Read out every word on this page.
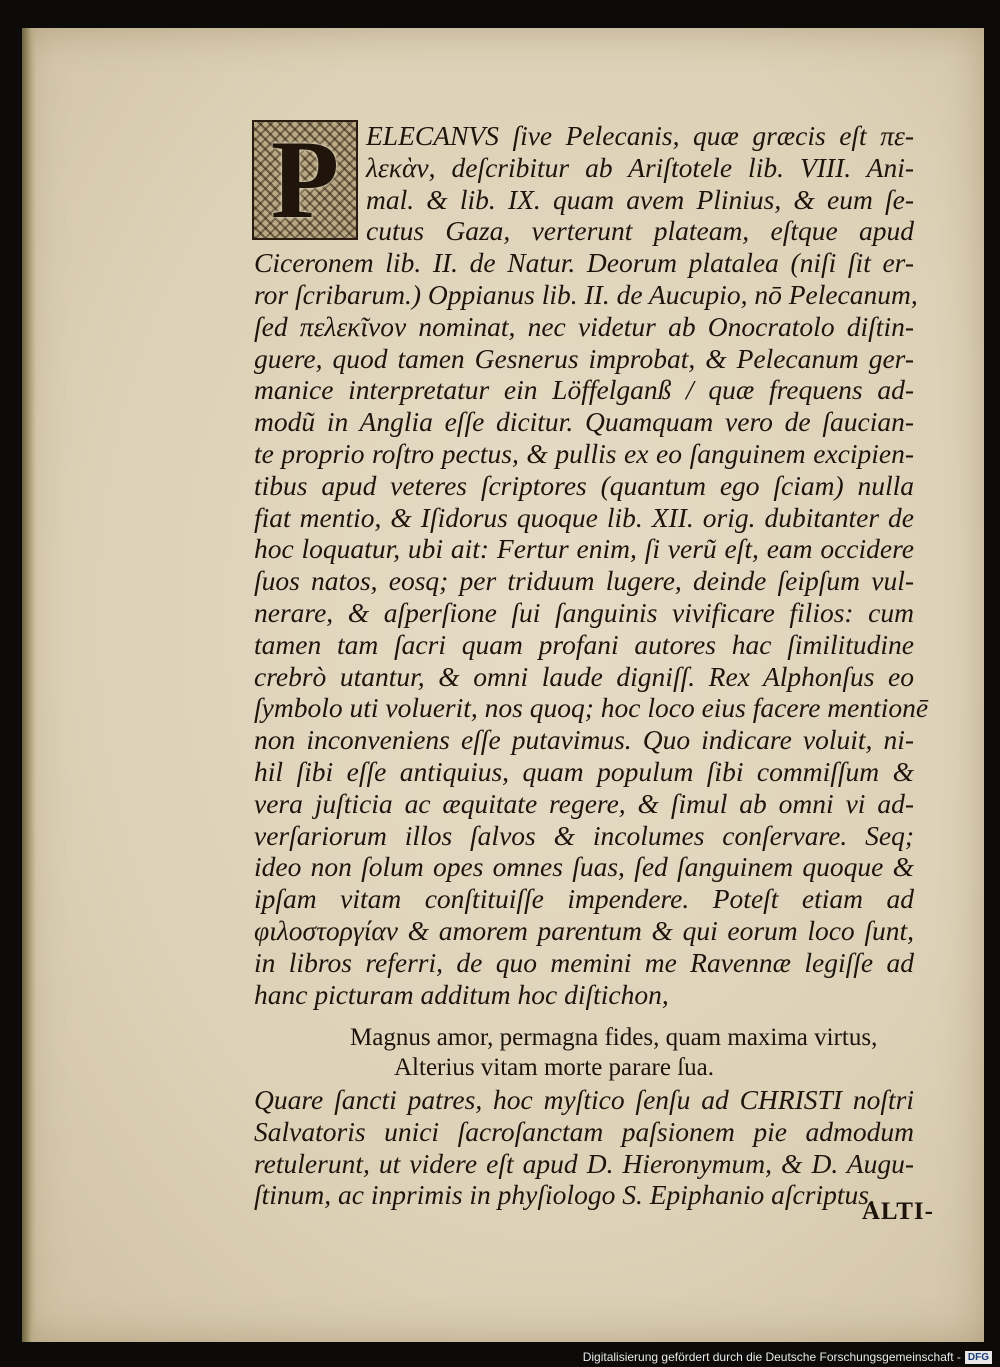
P ELECANVS ſive Pelecanis, quæ græcis eſt πε-
λεκὰν, deſcribitur ab Ariſtotele lib. VIII. Ani-
mal. & lib. IX. quam avem Plinius, & eum ſe-
cutus Gaza, verterunt plateam, eſtque apud
Ciceronem lib. II. de Natur. Deorum platalea (niſi ſit er-
ror ſcribarum.) Oppianus lib. II. de Aucupio, nō Pelecanum,
ſed πελεκῖνον nominat, nec videtur ab Onocratolo diſtin-
guere, quod tamen Gesnerus improbat, & Pelecanum ger-
manice interpretatur ein Löffelganß / quæ frequens ad-
modũ in Anglia eſſe dicitur. Quamquam vero de ſaucian-
te proprio roſtro pectus, & pullis ex eo ſanguinem excipien-
tibus apud veteres ſcriptores (quantum ego ſciam) nulla
fiat mentio, & Iſidorus quoque lib. XII. orig. dubitanter de
hoc loquatur, ubi ait: Fertur enim, ſi verũ eſt, eam occidere
ſuos natos, eosq; per triduum lugere, deinde ſeipſum vul-
nerare, & aſperſione ſui ſanguinis vivificare filios: cum
tamen tam ſacri quam profani autores hac ſimilitudine
crebrò utantur, & omni laude digniſſ. Rex Alphonſus eo
ſymbolo uti voluerit, nos quoq; hoc loco eius facere mentionē
non inconveniens eſſe putavimus. Quo indicare voluit, ni-
hil ſibi eſſe antiquius, quam populum ſibi commiſſum &
vera juſticia ac æquitate regere, & ſimul ab omni vi ad-
verſariorum illos ſalvos & incolumes conſervare. Seq;
ideo non ſolum opes omnes ſuas, ſed ſanguinem quoque &
ipſam vitam conſtituiſſe impendere. Poteſt etiam ad
φιλοστοργίαν & amorem parentum & qui eorum loco ſunt,
in libros referri, de quo memini me Ravennæ legiſſe ad
hanc picturam additum hoc diſtichon,
Magnus amor, permagna fides, quam maxima virtus,
Alterius vitam morte parare ſua.
Quare ſancti patres, hoc myſtico ſenſu ad CHRISTI noſtri
Salvatoris unici ſacroſanctam paſsionem pie admodum
retulerunt, ut videre eſt apud D. Hieronymum, & D. Augu-
ſtinum, ac inprimis in phyſiologo S. Epiphanio aſcriptus.
ALTI-
Digitalisierung gefördert durch die Deutsche Forschungsgemeinschaft - DFG
